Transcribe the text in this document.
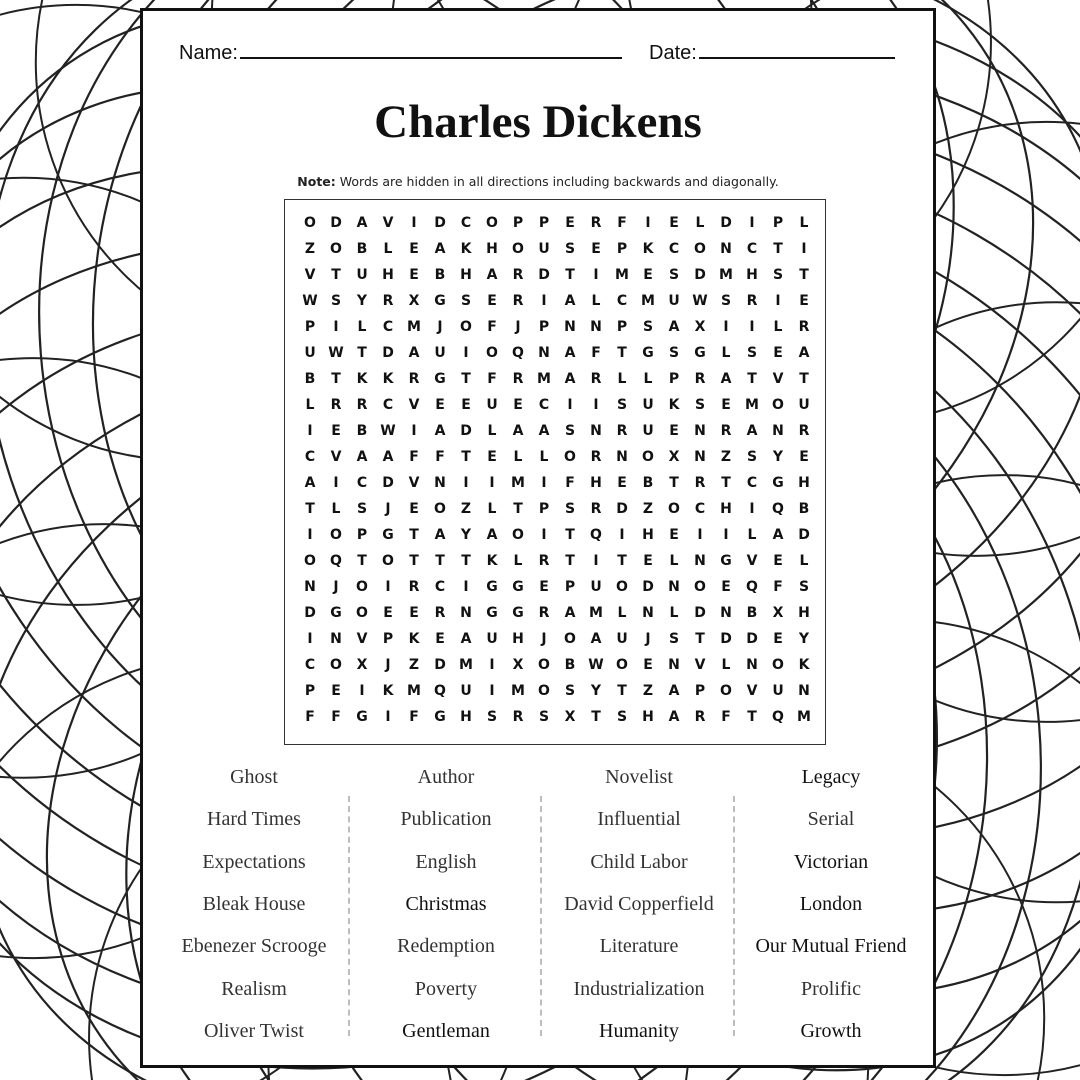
Name:	Date:
Charles Dickens
Note: Words are hidden in all directions including backwards and diagonally.
O	D	A	V	I	D	C	O	P	P	E	R	F	I	E	L	D	I	P	L
Z	O	B	L	E	A	K	H	O	U	S	E	P	K	C	O	N	C	T	I
V	T	U	H	E	B	H	A	R	D	T	I	M	E	S	D M H	S	T
W S	Y	R	X	G	S	E	R	I	A	L	C M U W S	R	I	E
P	I	L	C M	J	O	F	J	P	N	N	P	S	A	X	I	I	L	R
U W T	D	A	U	I	O	Q	N	A	F	T	G	S	G	L	S	E	A
B	T	K	K	R	G	T	F	R M A	R	L	L	P	R	A	T	V	T
L	R	R	C	V	E	E	U	E	C	I	I	S	U	K	S	E	M O	U
I	E	B W	I	A	D	L	A	A	S	N	R	U	E	N	R	A	N	R
C	V	A	A	F	F	T	E	L	L	O	R	N	O	X	N	Z	S	Y	E
A	I	C	D	V	N	I	I	M	I	F	H	E	B	T	R	T	C	G	H
T	L	S	J	E	O	Z	L	T	P	S	R	D	Z	O	C	H	I	Q	B
I	O	P	G	T	A	Y	A	O	I	T	Q	I	H	E	I	I	L	A	D
O	Q	T	O	T	T	T	K	L	R	T	I	T	E	L	N	G	V	E	L
N	J	O	I	R	C	I	G	G	E	P	U	O	D	N	O	E	Q	F	S
D	G	O	E	E	R	N	G	G	R	A M	L	N	L	D	N	B	X	H
I	N	V	P	K	E	A	U	H	J	O	A	U	J	S	T	D	D	E	Y
C	O	X	J	Z	D M	I	X	O	B W O	E	N	V	L	N	O	K
P	E	I	K M Q	U	I	M O	S	Y	T	Z	A	P	O	V	U	N
F	F	G	I	F	G	H	S	R	S	X	T	S	H	A	R	F	T	Q M
Ghost
Hard Times
Expectations
Bleak House
Ebenezer Scrooge
Realism
Oliver Twist
Author
Publication
English
Christmas
Redemption
Poverty
Gentleman
Novelist
Influential
Child Labor
David Copperfield
Literature
Industrialization
Humanity
Legacy
Serial
Victorian
London
Our Mutual Friend
Prolific
Growth
